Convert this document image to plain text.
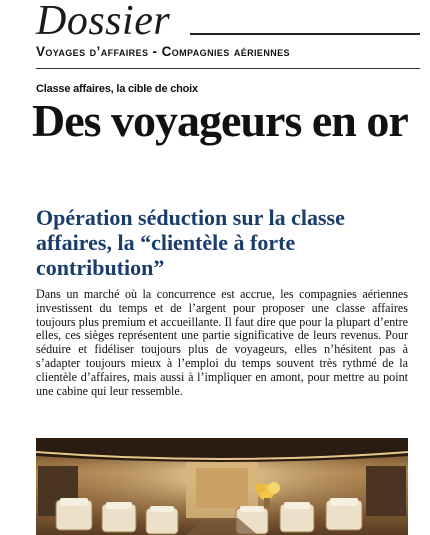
Dossier
Voyages d’affaires - Compagnies aériennes
Classe affaires, la cible de choix
Des voyageurs en or
Opération séduction sur la classe affaires, la “clientèle à forte contribution”

Dans un marché où la concurrence est accrue, les compagnies aériennes investissent du temps et de l’argent pour proposer une classe affaires toujours plus premium et accueillante. Il faut dire que pour la plupart d’entre elles, ces sièges représentent une partie significative de leurs revenus. Pour séduire et fidéliser toujours plus de voyageurs, elles n’hésitent pas à s’adapter toujours mieux à l’emploi du temps souvent très rythmé de la clientèle d’affaires, mais aussi à l’impliquer en amont, pour mettre au point une cabine qui leur ressemble.
